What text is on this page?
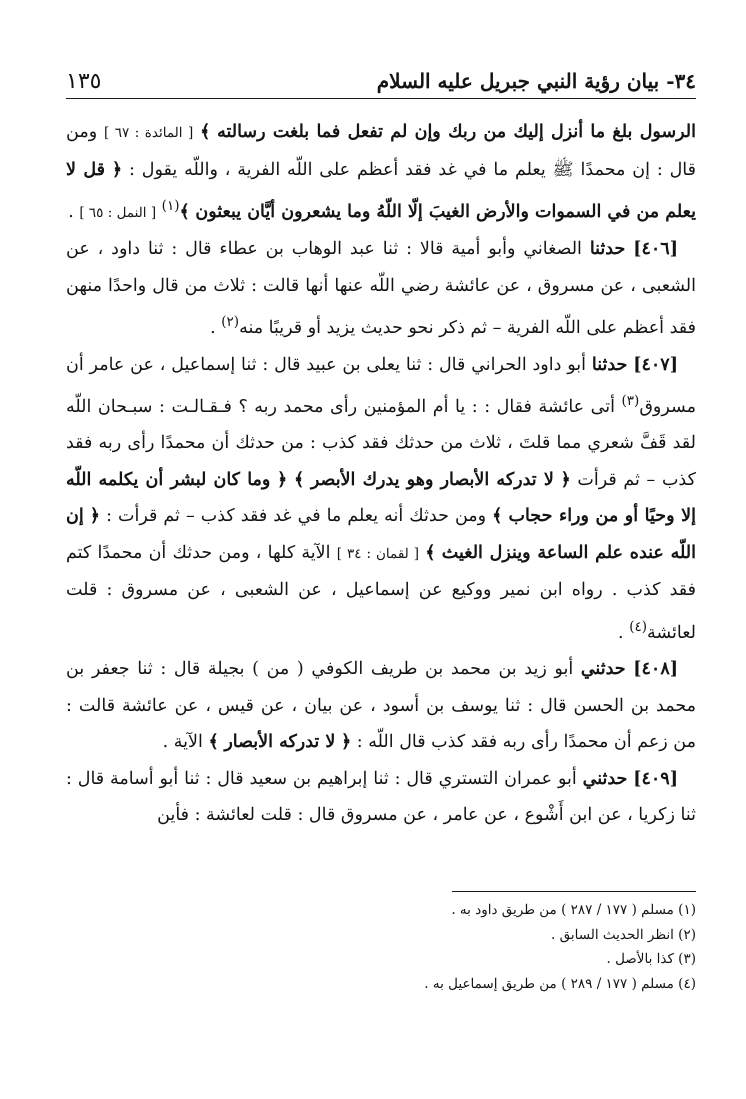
١٣٥	٣٤- بيان رؤية النبي جبريل عليه السلام

الرسول بلغ ما أنزل إليك من ربك وإن لم تفعل فما بلغت رسالته ﴾ [ المائدة : ٦٧ ] ومن قال : إن محمدًا ﷺ يعلم ما في غد فقد أعظم على اللّه الفرية ، واللّه يقول : ﴿ قل لا يعلم من في السموات والأرض الغيبَ إلّا اللّهُ وما يشعرون أيَّان يبعثون ﴾$^{(١)}$ [ النمل : ٦٥ ] .

[٤٠٦] حدثنا الصغاني وأبو أمية قالا : ثنا عبد الوهاب بن عطاء قال : ثنا داود ، عن الشعبى ، عن مسروق ، عن عائشة رضي اللّه عنها أنها قالت : ثلاث من قال واحدًا منهن فقد أعظم على اللّه الفرية – ثم ذكر نحو حديث يزيد أو قريبًا منه$^{(٢)}$ .

[٤٠٧] حدثنا أبو داود الحراني قال : ثنا يعلى بن عبيد قال : ثنا إسماعيل ، عن عامر أن مسروق$^{(٣)}$ أتى عائشة فقال : : يا أم المؤمنين رأى محمد ربه ؟ فـقـالـت : سبـحان اللّه لقد قَفَّ شعري مما قلتَ ، ثلاث من حدثك فقد كذب : من حدثك أن محمدًا رأى ربه فقد كذب – ثم قرأت ﴿ لا تدركه الأبصار وهو يدرك الأبصر ﴾ ﴿ وما كان لبشر أن يكلمه اللّه إلا وحيًا أو من وراء حجاب ﴾ ومن حدثك أنه يعلم ما في غد فقد كذب – ثم قرأت : ﴿ إن اللّه عنده علم الساعة وينزل الغيث ﴾ [ لقمان : ٣٤ ] الآية كلها ، ومن حدثك أن محمدًا كتم فقد كذب . رواه ابن نمير ووكيع عن إسماعيل ، عن الشعبى ، عن مسروق : قلت لعائشة$^{(٤)}$ .

[٤٠٨] حدثني أبو زيد بن محمد بن طريف الكوفي ( من ) بجيلة قال : ثنا جعفر بن محمد بن الحسن قال : ثنا يوسف بن أسود ، عن بيان ، عن قيس ، عن عائشة قالت : من زعم أن محمدًا رأى ربه فقد كذب قال اللّه : ﴿ لا تدركه الأبصار ﴾ الآية .

[٤٠٩] حدثني أبو عمران التستري قال : ثنا إبراهيم بن سعيد قال : ثنا أبو أسامة قال : ثنا زكريا ، عن ابن أَشْوع ، عن عامر ، عن مسروق قال : قلت لعائشة : فأين

(١) مسلم ( ١٧٧ / ٢٨٧ ) من طريق داود به .

(٢) انظر الحديث السابق .

(٣) كذا بالأصل .

(٤) مسلم ( ١٧٧ / ٢٨٩ ) من طريق إسماعيل به .
